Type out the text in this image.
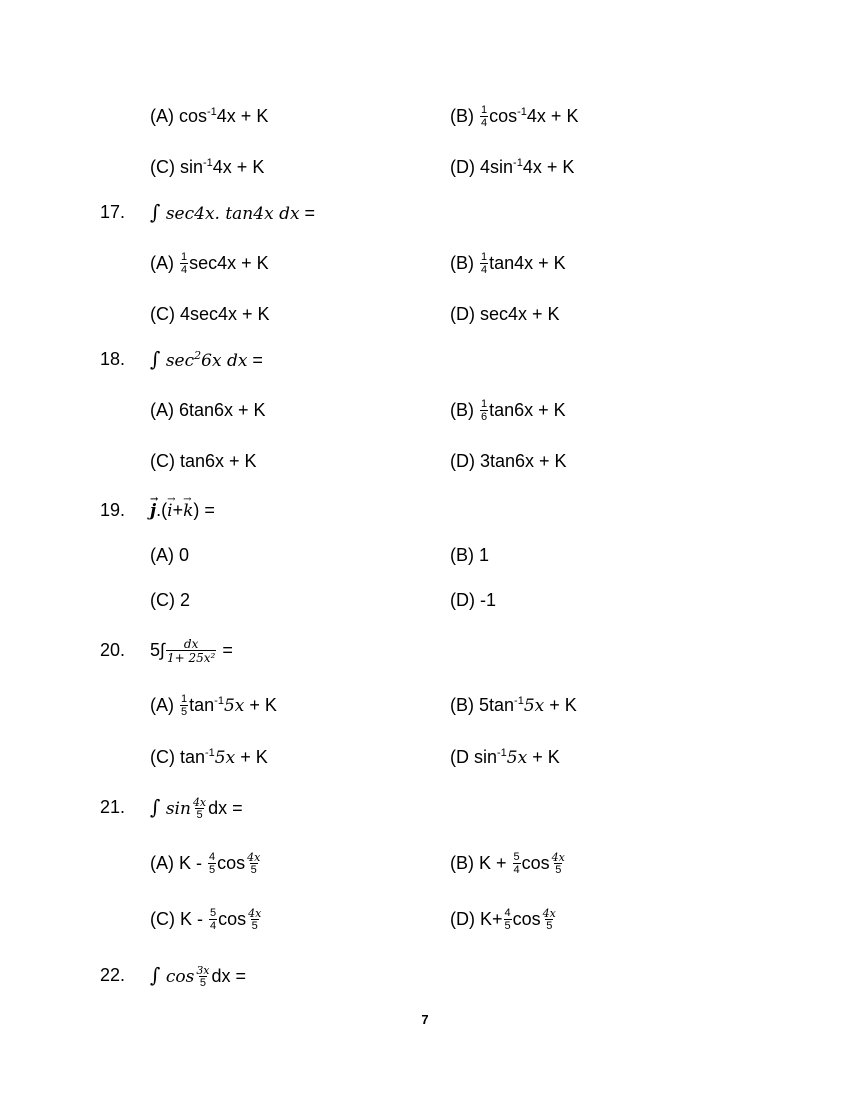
(A) $\cos^{-1}4x + K$	$(B) \frac{1}{4} \cos^{-1}4x + K$
(C) $\sin^{-1}4x + K$	(D) $4\sin^{-1}4x + K$
17. ∫ sec4x. tan4x dx =
$(A) \frac{1}{4} \sec 4x + K$	$(B) \frac{1}{4} \tan 4x + K$
(C) 4sec4x + K	(D) sec4x + K
18. ∫ $\sec^26x$ dx =
(A) 6tan6x + K	$(B) \frac{1}{6} \tan 6x + K$
(C) tan6x + K	(D) 3tan6x + K
19.
→ j.(→ i+→ k) =
(A) 0	(B) 1
(C) 2	(D) -1
20. $5\int \frac{dx}{\text{1+ 25x²}}$ =
$(A) \frac{1}{5} \tan^{-1}5x + K$	(B) $5\tan^{-1}5x + K$
(C) $\tan^{-1}5x + K$	(D $\sin^{-1}5x + K$
21. ∫ $\sin \frac{4x}{5}$ dx =
(A) K - $\frac{4}{5}$ $\cos \frac{4x}{5}$	(B) $K + \frac{5}{4}$ $\cos \frac{4x}{5}$
(C) K - $\frac{5}{4}$ $\cos \frac{4x}{5}$	(D) $K+ \frac{4}{5}$ $\cos \frac{4x}{5}$
22. ∫ $\cos \frac{3x}{5}$ dx =
7
